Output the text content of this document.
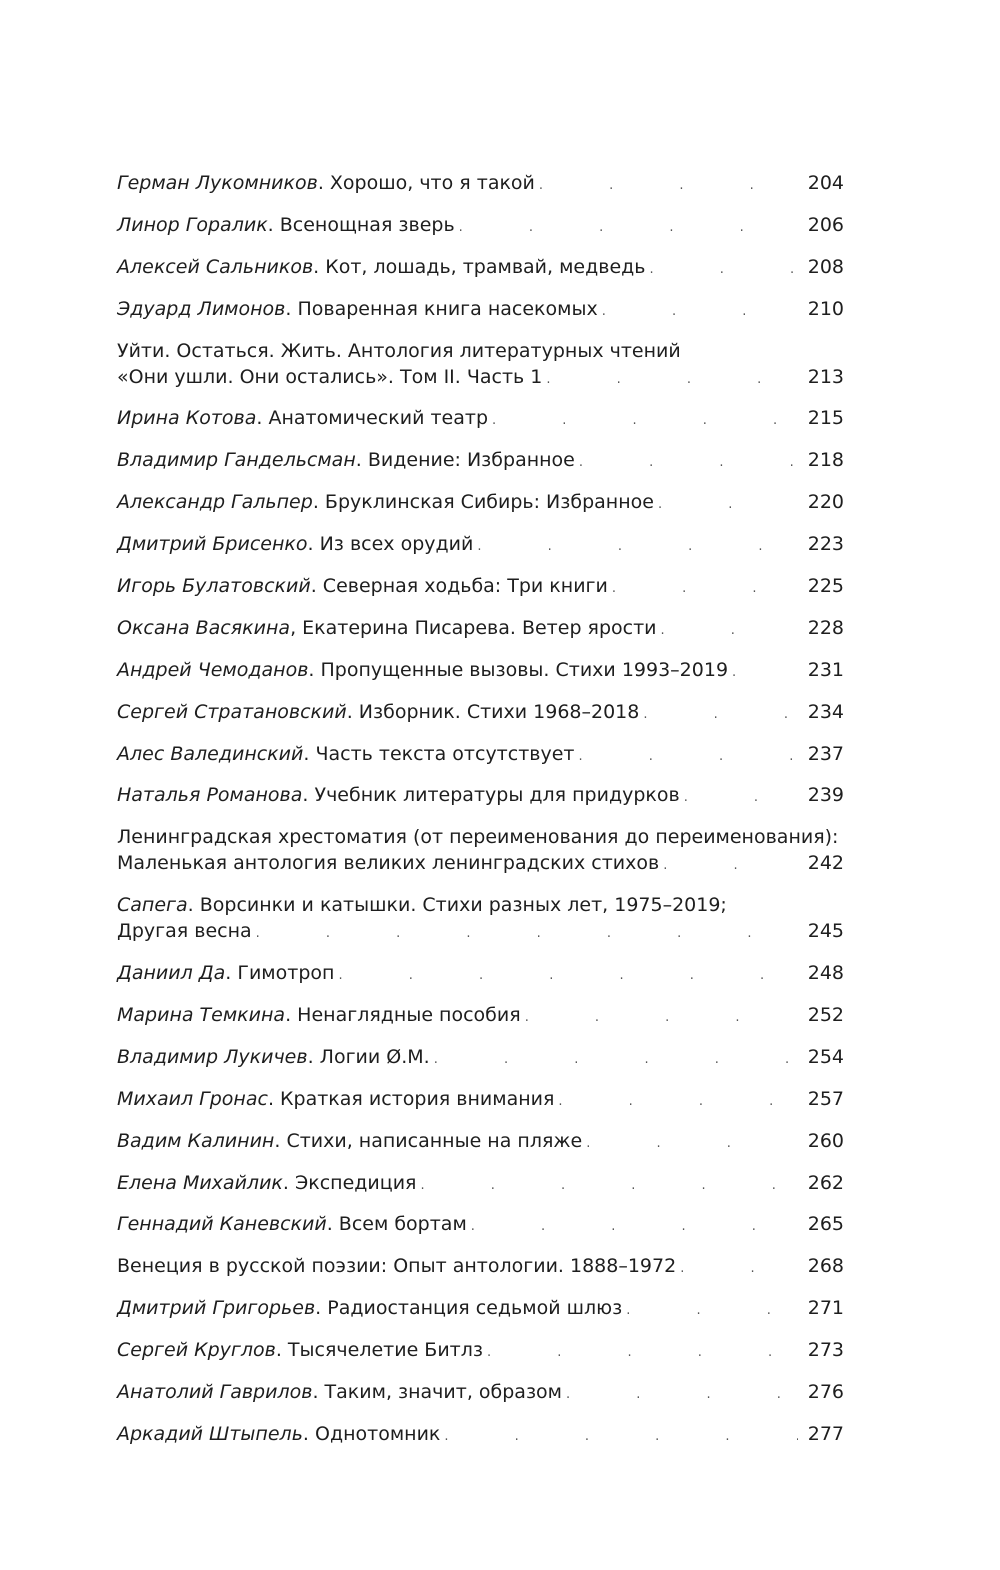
Герман Лукомников. Хорошо, что я такой .	204
Линор Горалик. Всенощная зверь .	206
Алексей Сальников. Кот, лошадь, трамвай, медведь .	208
Эдуард Лимонов. Поваренная книга насекомых .	210
Уйти. Остаться. Жить. Антология литературных чтений
«Они ушли. Они остались». Том II. Часть 1 .	213
Ирина Котова. Анатомический театр .	215
Владимир Гандельсман. Видение: Избранное .	218
Александр Гальпер. Бруклинская Сибирь: Избранное .	220
Дмитрий Брисенко. Из всех орудий .	223
Игорь Булатовский. Северная ходьба: Три книги .	225
Оксана Васякина, Екатерина Писарева. Ветер ярости .	228
Андрей Чемоданов. Пропущенные вызовы. Стихи 1993–2019 .	231
Сергей Стратановский. Изборник. Стихи 1968–2018 .	234
Алес Валединский. Часть текста отсутствует .	237
Наталья Романова. Учебник литературы для придурков .	239
Ленинградская хрестоматия (от переименования до переименования):
Маленькая антология великих ленинградских стихов .	242
Сапега. Ворсинки и катышки. Стихи разных лет, 1975–2019;
Другая весна .	245
Даниил Да. Гимотроп .	248
Марина Темкина. Ненаглядные пособия .	252
Владимир Лукичев. Логии Ø.М. .	254
Михаил Гронас. Краткая история внимания .	257
Вадим Калинин. Стихи, написанные на пляже .	260
Елена Михайлик. Экспедиция .	262
Геннадий Каневский. Всем бортам .	265
Венеция в русской поэзии: Опыт антологии. 1888–1972 .	268
Дмитрий Григорьев. Радиостанция седьмой шлюз .	271
Сергей Круглов. Тысячелетие Битлз .	273
Анатолий Гаврилов. Таким, значит, образом .	276
Аркадий Штыпель. Однотомник .	277
